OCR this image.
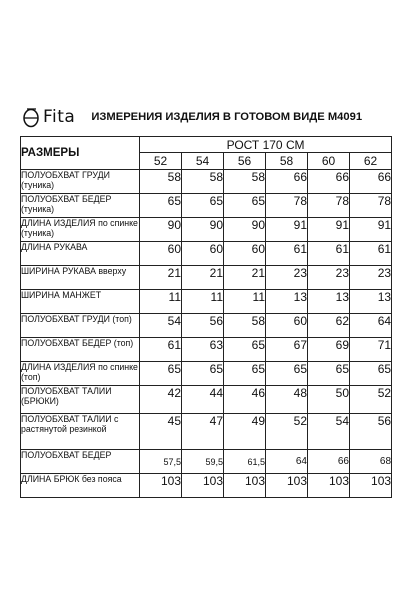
Fita ИЗМЕРЕНИЯ ИЗДЕЛИЯ В ГОТОВОМ ВИДЕ М4091
РАЗМЕРЫ	РОСТ 170 СМ					
	52	54	56	58	60	62
ПОЛУОБХВАТ ГРУДИ (туника)	58	58	58	66	66	66
ПОЛУОБХВАТ БЕДЕР (туника)	65	65	65	78	78	78
ДЛИНА ИЗДЕЛИЯ по спинке (туника)	90	90	90	91	91	91
ДЛИНА РУКАВА	60	60	60	61	61	61
ШИРИНА РУКАВА вверху	21	21	21	23	23	23
ШИРИНА МАНЖЕТ	11	11	11	13	13	13
ПОЛУОБХВАТ ГРУДИ (топ)	54	56	58	60	62	64
ПОЛУОБХВАТ БЕДЕР (топ)	61	63	65	67	69	71
ДЛИНА ИЗДЕЛИЯ по спинке (топ)	65	65	65	65	65	65
ПОЛУОБХВАТ ТАЛИИ (БРЮКИ)	42	44	46	48	50	52
ПОЛУОБХВАТ ТАЛИИ с растянутой резинкой	45	47	49	52	54	56
ПОЛУОБХВАТ БЕДЕР	57,5	59,5	61,5	64	66	68
ДЛИНА БРЮК без пояса	103	103	103	103	103	103
